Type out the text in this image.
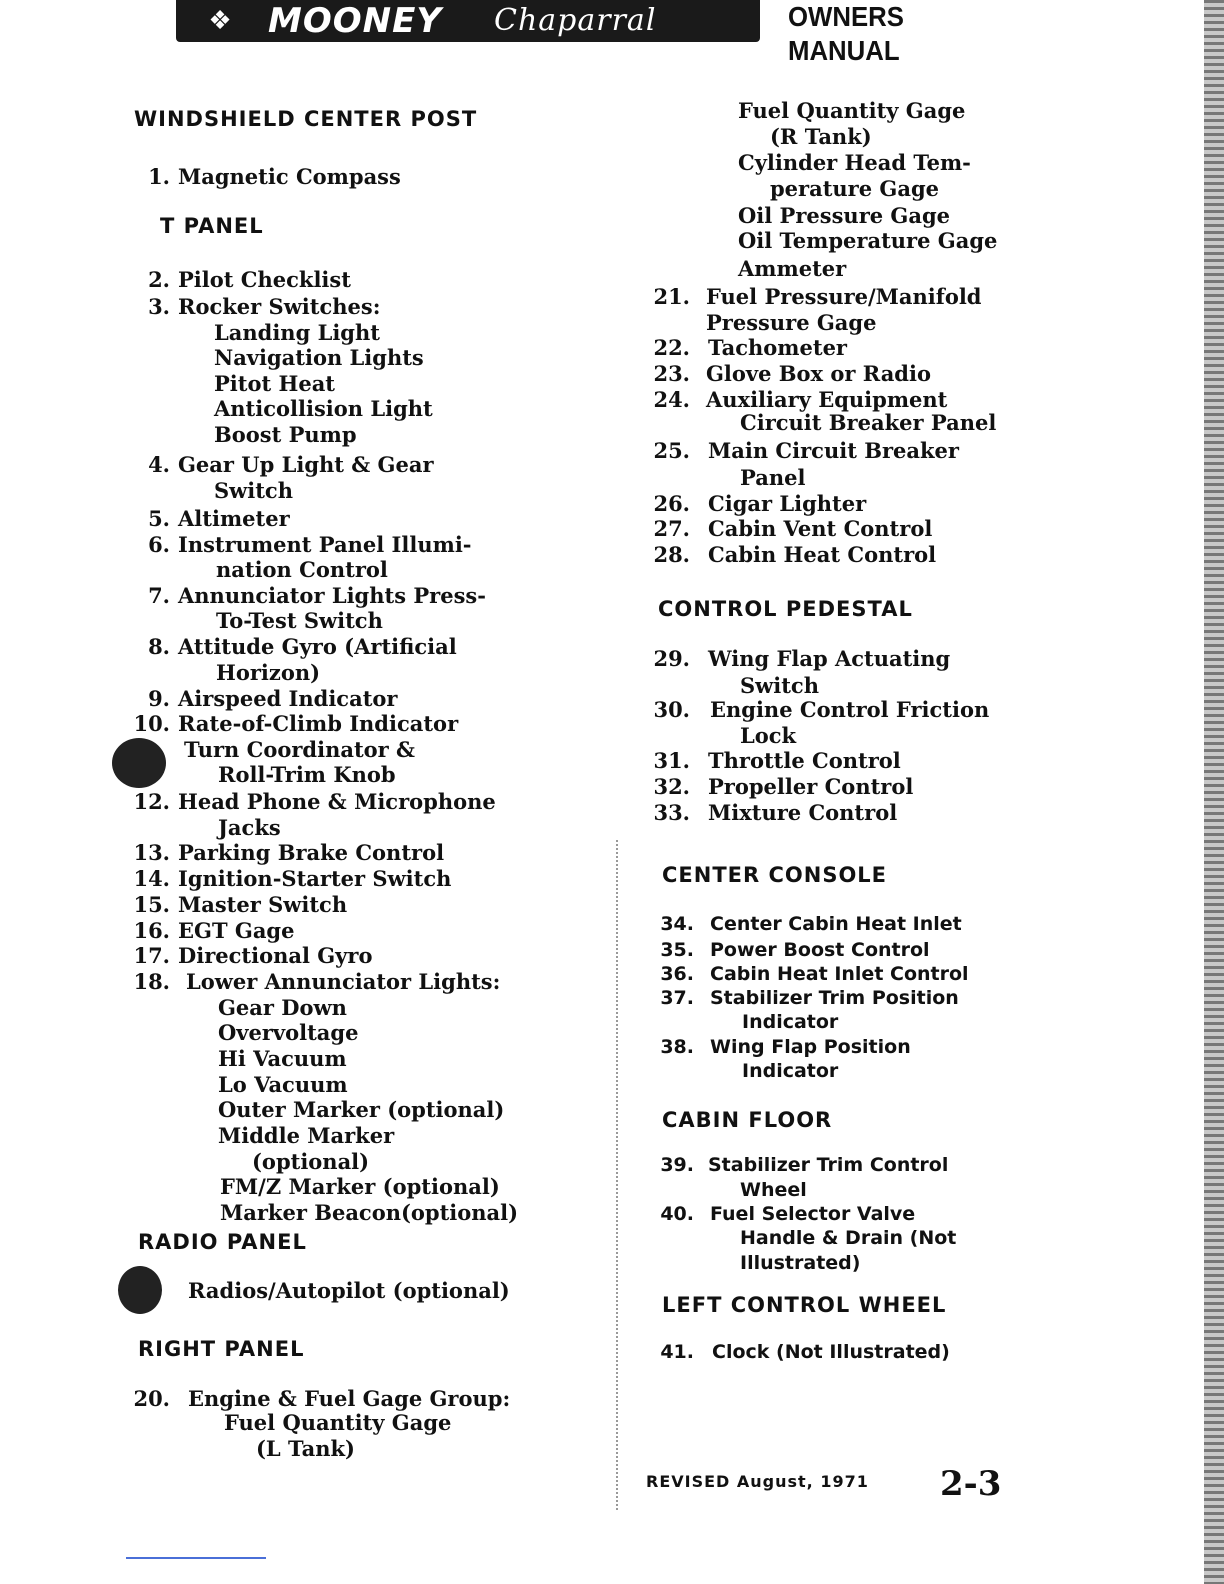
❖	MOONEY Chaparral	OWNERS MANUAL
WINDSHIELD CENTER POST
1. Magnetic Compass
T PANEL
2. Pilot Checklist
3. Rocker Switches:
Landing Light
Navigation Lights
Pitot Heat
Anticollision Light
Boost Pump
4. Gear Up Light & Gear
Switch
5. Altimeter
6. Instrument Panel Illumi-
nation Control
7. Annunciator Lights Press-
To-Test Switch
8. Attitude Gyro (Artificial
Horizon)
9. Airspeed Indicator
10. Rate-of-Climb Indicator
Turn Coordinator &
Roll-Trim Knob
12. Head Phone & Microphone
Jacks
13. Parking Brake Control
14. Ignition-Starter Switch
15. Master Switch
16. EGT Gage
17. Directional Gyro
18. Lower Annunciator Lights:
Gear Down
Overvoltage
Hi Vacuum
Lo Vacuum
Outer Marker (optional)
Middle Marker
(optional)
FM/Z Marker (optional)
Marker Beacon(optional)
RADIO PANEL
Radios/Autopilot (optional)
RIGHT PANEL
20. Engine & Fuel Gage Group:
Fuel Quantity Gage
(L Tank)
Fuel Quantity Gage
(R Tank)
Cylinder Head Tem-
perature Gage
Oil Pressure Gage
Oil Temperature Gage
Ammeter
21. Fuel Pressure/Manifold
Pressure Gage
22. Tachometer
23. Glove Box or Radio
24. Auxiliary Equipment
Circuit Breaker Panel
25. Main Circuit Breaker
Panel
26. Cigar Lighter
27. Cabin Vent Control
28. Cabin Heat Control
CONTROL PEDESTAL
29. Wing Flap Actuating
Switch
30. Engine Control Friction
Lock
31. Throttle Control
32. Propeller Control
33. Mixture Control
CENTER CONSOLE
34. Center Cabin Heat Inlet
35. Power Boost Control
36. Cabin Heat Inlet Control
37. Stabilizer Trim Position
Indicator
38. Wing Flap Position
Indicator
CABIN FLOOR
39. Stabilizer Trim Control
Wheel
40. Fuel Selector Valve
Handle & Drain (Not
Illustrated)
LEFT CONTROL WHEEL
41. Clock (Not Illustrated)
REVISED August, 1971 2-3
